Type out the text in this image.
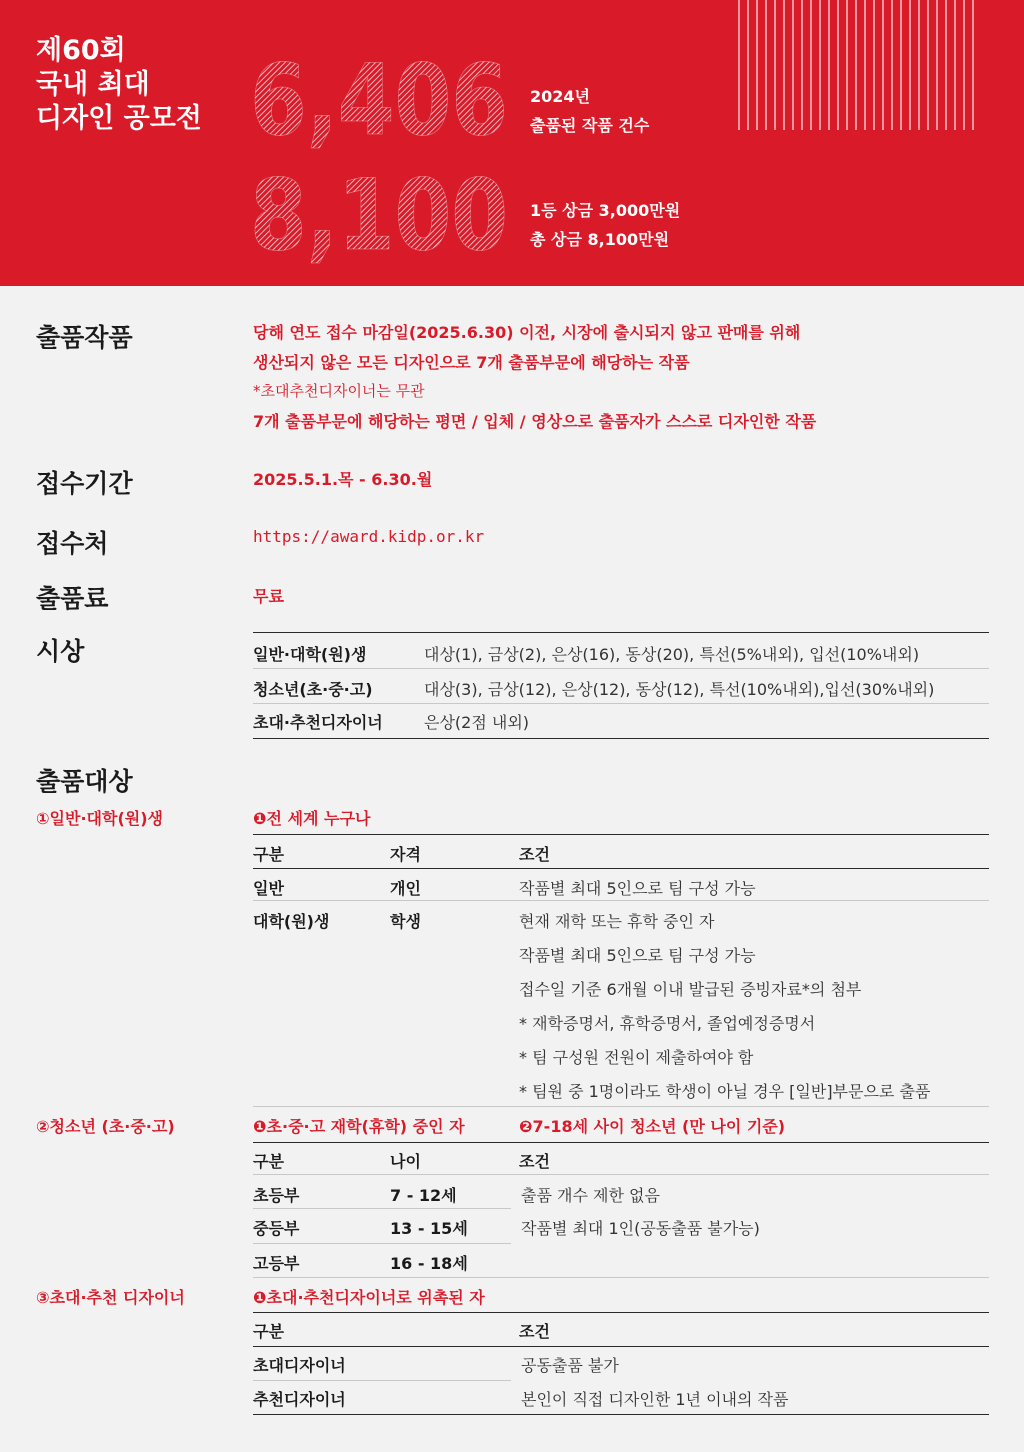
제60회
국내 최대
디자인 공모전 6,406
8,100
2024년
출품된 작품 건수
1등 상금 3,000만원
총 상금 8,100만원
출품작품	당해 연도 접수 마감일(2025.6.30) 이전, 시장에 출시되지 않고 판매를 위해
생산되지 않은 모든 디자인으로 7개 출품부문에 해당하는 작품
*초대추천디자이너는 무관
7개 출품부문에 해당하는 평면 / 입체 / 영상으로 출품자가 스스로 디자인한 작품
접수기간	2025.5.1.목 - 6.30.월
접수처	https://award.kidp.or.kr
출품료	무료
시상	일반·대학(원)생	대상(1), 금상(2), 은상(16), 동상(20), 특선(5%내외), 입선(10%내외)
청소년(초·중·고)	대상(3), 금상(12), 은상(12), 동상(12), 특선(10%내외),입선(30%내외)
초대·추천디자이너	은상(2점 내외)
출품대상
①일반·대학(원)생	❶전 세계 누구나
구분	자격	조건
일반	개인	작품별 최대 5인으로 팀 구성 가능
대학(원)생	학생	현재 재학 또는 휴학 중인 자
작품별 최대 5인으로 팀 구성 가능
접수일 기준 6개월 이내 발급된 증빙자료*의 첨부
* 재학증명서, 휴학증명서, 졸업예정증명서
* 팀 구성원 전원이 제출하여야 함
* 팀원 중 1명이라도 학생이 아닐 경우 [일반]부문으로 출품
②청소년 (초·중·고)	❶초·중·고 재학(휴학) 중인 자	❷7-18세 사이 청소년 (만 나이 기준)
구분	나이	조건
초등부	7 - 12세	출품 개수 제한 없음
중등부	13 - 15세	작품별 최대 1인(공동출품 불가능)
고등부	16 - 18세
③초대·추천 디자이너	❶초대·추천디자이너로 위촉된 자
구분	조건
초대디자이너	공동출품 불가
추천디자이너	본인이 직접 디자인한 1년 이내의 작품
